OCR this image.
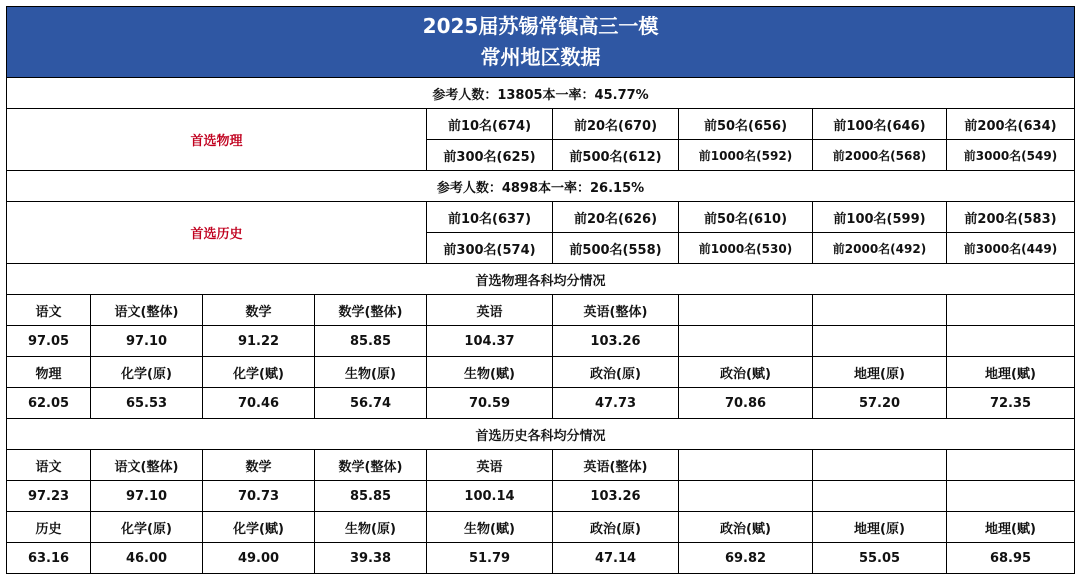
2025届苏锡常镇高三一模
常州地区数据								

参考人数：13805本一率：45.77%								
首选物理				前10名(674)	前20名(670)	前50名(656)	前100名(646)	前200名(634)
				前300名(625)	前500名(612)	前1000名(592)	前2000名(568)	前3000名(549)
参考人数：4898本一率：26.15%								
首选历史				前10名(637)	前20名(626)	前50名(610)	前100名(599)	前200名(583)
				前300名(574)	前500名(558)	前1000名(530)	前2000名(492)	前3000名(449)
首选物理各科均分情况								
语文	语文(整体)	数学	数学(整体)	英语	英语(整体)			
97.05	97.10	91.22	85.85	104.37	103.26			
物理	化学(原)	化学(赋)	生物(原)	生物(赋)	政治(原)	政治(赋)	地理(原)	地理(赋)
62.05	65.53	70.46	56.74	70.59	47.73	70.86	57.20	72.35
首选历史各科均分情况								
语文	语文(整体)	数学	数学(整体)	英语	英语(整体)			
97.23	97.10	70.73	85.85	100.14	103.26			
历史	化学(原)	化学(赋)	生物(原)	生物(赋)	政治(原)	政治(赋)	地理(原)	地理(赋)
63.16	46.00	49.00	39.38	51.79	47.14	69.82	55.05	68.95
